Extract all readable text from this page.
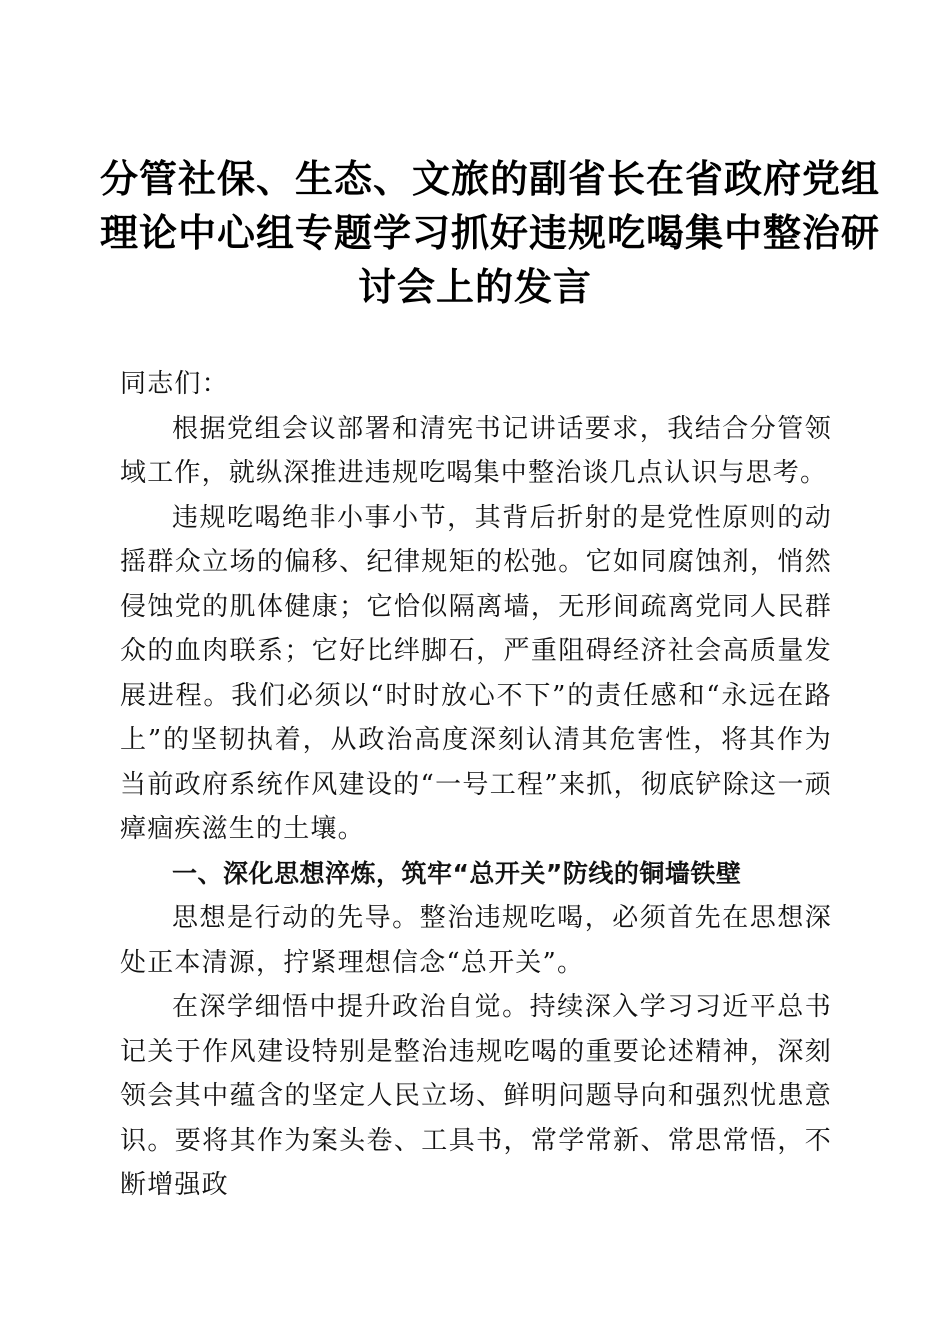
分管社保、生态、文旅的副省长在省政府党组
理论中心组专题学习抓好违规吃喝集中整治研
讨会上的发言

同志们：

根据党组会议部署和清宪书记讲话要求，我结合分管领域工作，就纵深推进违规吃喝集中整治谈几点认识与思考。

违规吃喝绝非小事小节，其背后折射的是党性原则的动摇群众立场的偏移、纪律规矩的松弛。它如同腐蚀剂，悄然侵蚀党的肌体健康；它恰似隔离墙，无形间疏离党同人民群众的血肉联系；它好比绊脚石，严重阻碍经济社会高质量发展进程。我们必须以“时时放心不下”的责任感和“永远在路上”的坚韧执着，从政治高度深刻认清其危害性，将其作为当前政府系统作风建设的“一号工程”来抓，彻底铲除这一顽瘴痼疾滋生的土壤。

一、深化思想淬炼，筑牢“总开关”防线的铜墙铁壁

思想是行动的先导。整治违规吃喝，必须首先在思想深处正本清源，拧紧理想信念“总开关”。

在深学细悟中提升政治自觉。持续深入学习习近平总书记关于作风建设特别是整治违规吃喝的重要论述精神，深刻领会其中蕴含的坚定人民立场、鲜明问题导向和强烈忧患意识。要将其作为案头卷、工具书，常学常新、常思常悟，不断增强政
